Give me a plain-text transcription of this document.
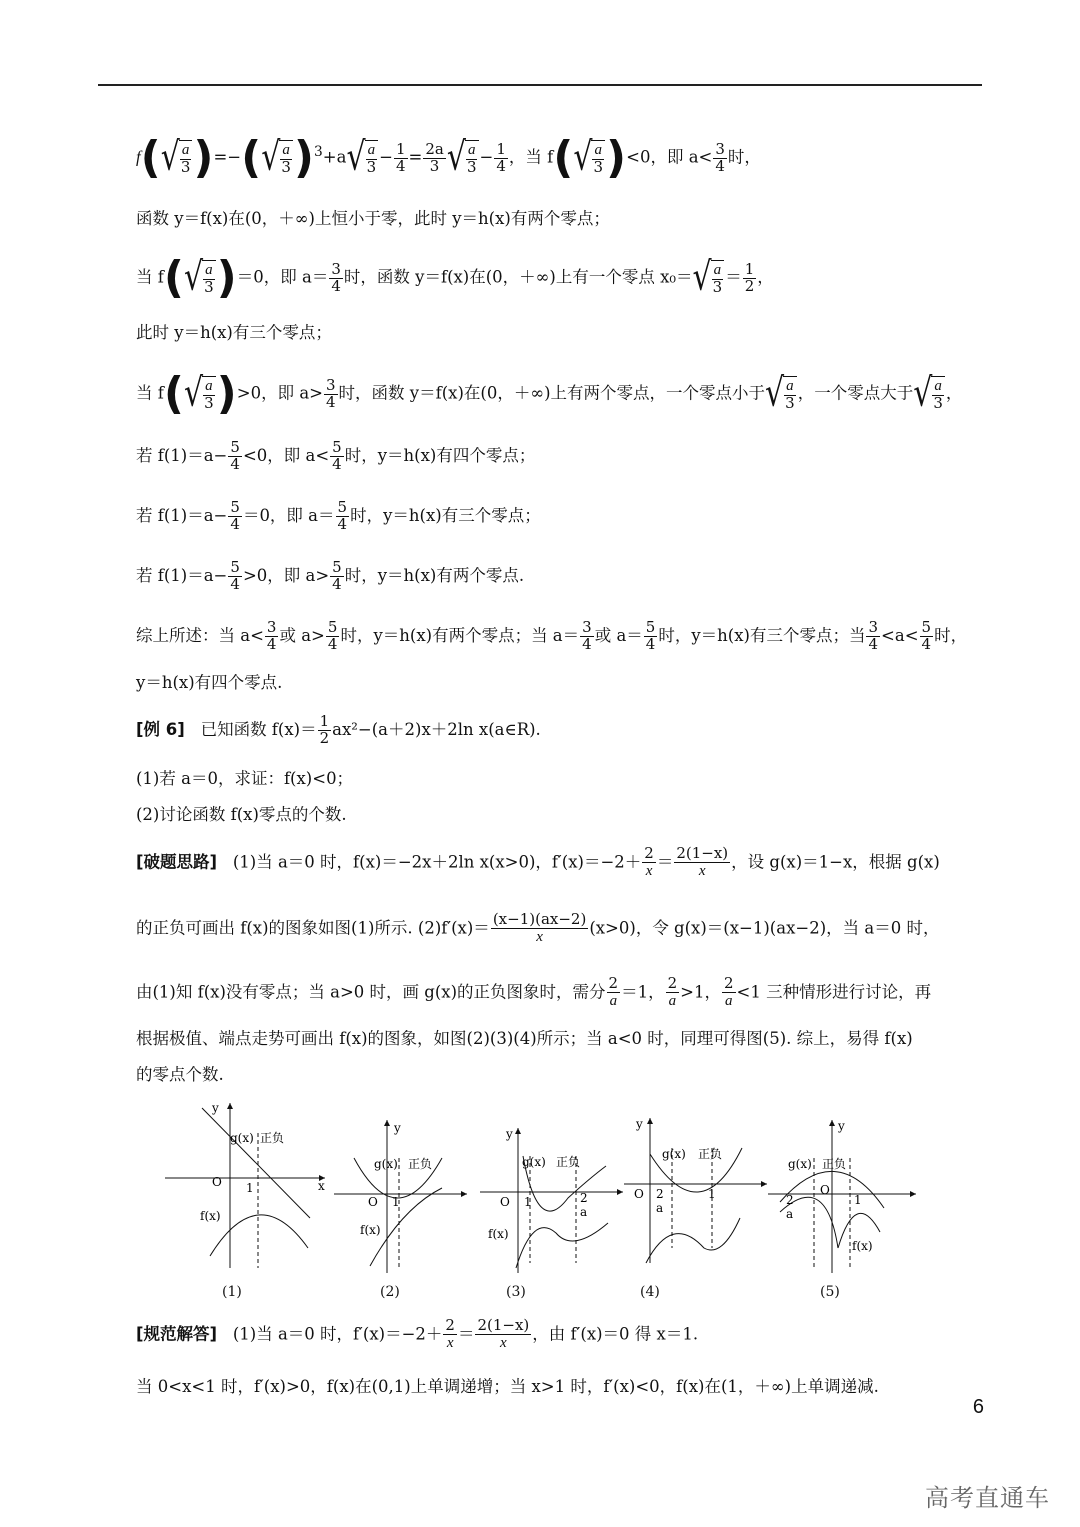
f( √ a
3 )=−( √ a
3 )$^3$+a √ a
3
− $\frac{1}{4} = \frac{2a}{3}$ √ a
3
− $\frac{1}{4}$ ，当 f( √ a
3 )<0，即 $a< \frac{3}{4}$ 时，
函数 y＝f(x)在(0，＋∞)上恒小于零，此时 y＝h(x)有两个零点；
当 f( √ a
3 )＝0，即 $a= \frac{3}{4}$ 时，函数 y＝f(x)在(0，＋∞)上有一个零点 x₀＝ √ a
3
＝ $\frac{1}{2}$ ，
此时 y＝h(x)有三个零点；
当 f( √ a
3 )>0，即 $a> \frac{3}{4}$ 时，函数 y＝f(x)在(0，＋∞)上有两个零点，一个零点小于 √ a
3
，一个零点大于 √ a
3
，
若 $f(1)=a- \frac{5}{4} <0$，即 $a< \frac{5}{4}$ 时，y＝h(x)有四个零点；
若 $f(1)=a- \frac{5}{4} =0$，即 $a= \frac{5}{4}$ 时，y＝h(x)有三个零点；
若 $f(1)=a- \frac{5}{4} >0$，即 $a> \frac{5}{4}$ 时，y＝h(x)有两个零点.
综上所述：当 $a< \frac{3}{4}$ 或 $a> \frac{5}{4}$ 时，y＝h(x)有两个零点；当 $a= \frac{3}{4}$ 或 $a= \frac{5}{4}$ 时，y＝h(x)有三个零点；当 $\frac{3}{4} <a< \frac{5}{4}$ 时，
y＝h(x)有四个零点.
[例 6] 已知函数 $f(x)= \frac{1}{2} ax^2-(a+2)x+2\ln$ x(a∈R).
(1)若 a＝0，求证：f(x)<0；
(2)讨论函数 f(x)零点的个数.
[破题思路] (1)当 a＝0 时，f(x)＝−2x＋2ln x(x>0)，$f'(x)=-2+ \frac{2}{x} = \frac{2(1-x)}{x}$ ，设 g(x)＝1−x，根据 g(x)
的正负可画出 f(x)的图象如图(1)所示. $(2)f'(x)= \frac{(x-1)(ax-2)}{x} (x>0)$，令 g(x)＝(x−1)(ax−2)，当 a＝0 时，
由(1)知 f(x)没有零点；当 a>0 时，画 g(x)的正负图象时，需分 $\frac{2}{a} =1$， $\frac{2}{a} >1$， $\frac{2}{a} <1$ 三种情形进行讨论，再
根据极值、端点走势可画出 f(x)的图象，如图(2)(3)(4)所示；当 a<0 时，同理可得图(5). 综上，易得 f(x)
的零点个数.
g(x) 正负
O 1	x
y
f(x)
g(x) 正负
O 1
f(x)
y
g(x) 正负
O 1	2
a
f(x)
y
g(x) 正负
O 2
a
1
y
g(x) 正负
2
a
O
1
f(x)
y
(1)	(2)	(3)	(4)	(5)
[规范解答] (1)当 a＝0 时，$f'(x)=-2+ \frac{2}{x} = \frac{2(1-x)}{x}$ ，由 f′(x)＝0 得 x＝1.
当 0<x<1 时，f′(x)>0，f(x)在(0,1)上单调递增；当 x>1 时，f′(x)<0，f(x)在(1，＋∞)上单调递减.
6
高考直通车
